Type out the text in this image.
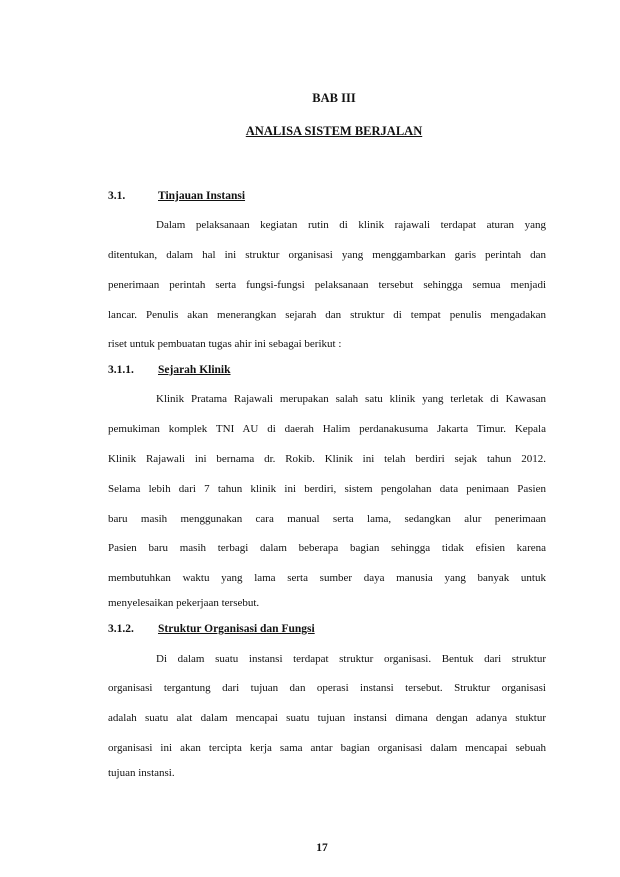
BAB III
ANALISA SISTEM BERJALAN
3.1.	Tinjauan Instansi
Dalam pelaksanaan kegiatan rutin di klinik rajawali terdapat aturan yang
ditentukan, dalam hal ini struktur organisasi yang menggambarkan garis perintah dan
penerimaan perintah serta fungsi-fungsi pelaksanaan tersebut sehingga semua menjadi
lancar. Penulis akan menerangkan sejarah dan struktur di tempat penulis mengadakan
riset untuk pembuatan tugas ahir ini sebagai berikut :
3.1.1. Sejarah Klinik
Klinik Pratama Rajawali merupakan salah satu klinik yang terletak di Kawasan
pemukiman komplek TNI AU di daerah Halim perdanakusuma Jakarta Timur. Kepala
Klinik Rajawali ini bernama dr. Rokib. Klinik ini telah berdiri sejak tahun 2012.
Selama lebih dari 7 tahun klinik ini berdiri, sistem pengolahan data penimaan Pasien
baru masih menggunakan cara manual serta lama, sedangkan alur penerimaan
Pasien baru masih terbagi dalam beberapa bagian sehingga tidak efisien karena
membutuhkan waktu yang lama serta sumber daya manusia yang banyak untuk
menyelesaikan pekerjaan tersebut.
3.1.2. Struktur Organisasi dan Fungsi
Di dalam suatu instansi terdapat struktur organisasi. Bentuk dari struktur
organisasi tergantung dari tujuan dan operasi instansi tersebut. Struktur organisasi
adalah suatu alat dalam mencapai suatu tujuan instansi dimana dengan adanya stuktur
organisasi ini akan tercipta kerja sama antar bagian organisasi dalam mencapai sebuah
tujuan instansi.
17
